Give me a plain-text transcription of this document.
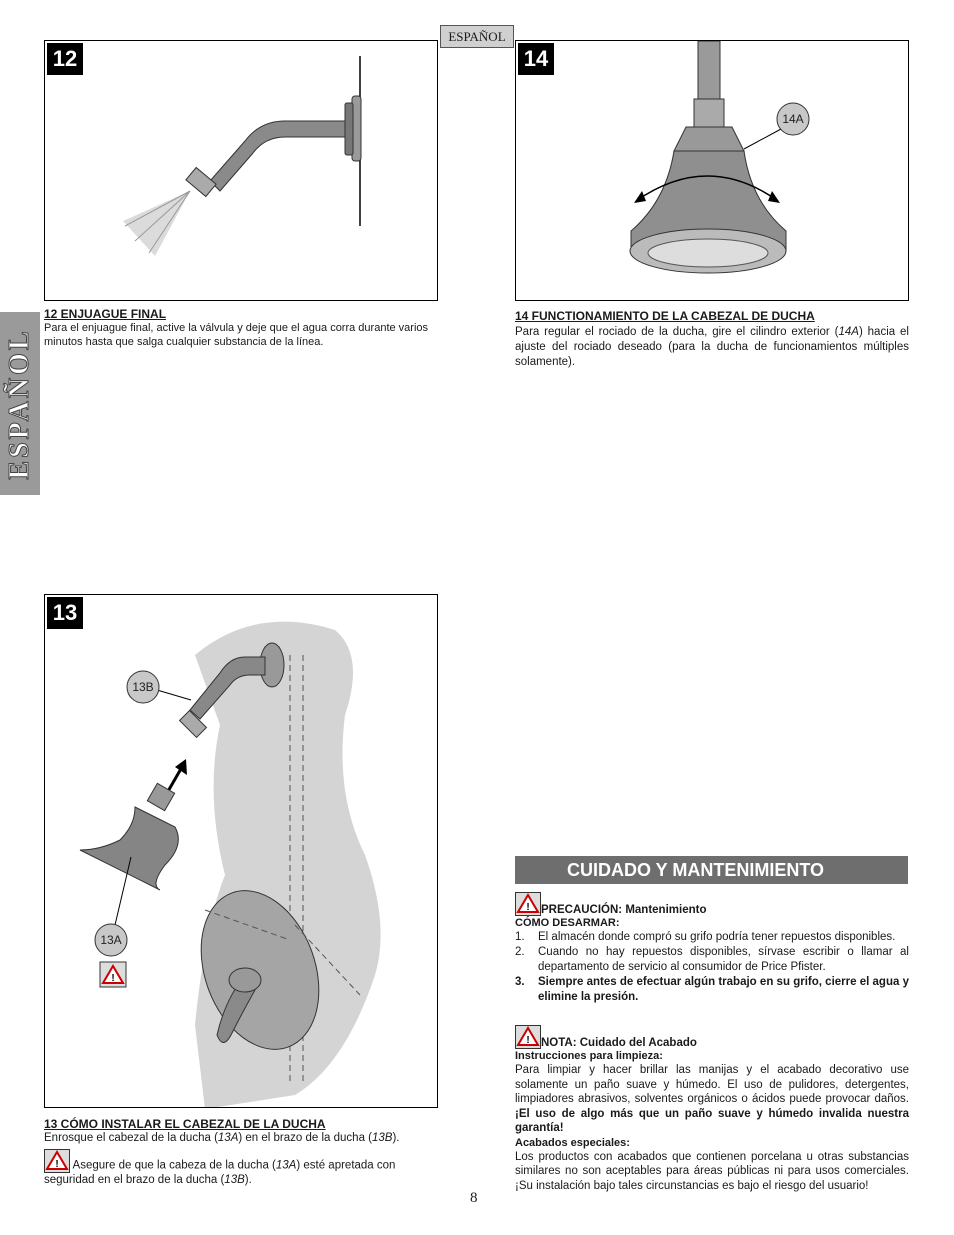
ESPAÑOL
ESPAÑOL
12
12 ENJUAGUE FINAL
Para el enjuague final, active la válvula y deje que el agua corra durante varios minutos hasta que salga cualquier substancia de la línea.
14
14A
14 FUNCTIONAMIENTO DE LA CABEZAL DE DUCHA
Para regular el rociado de la ducha, gire el cilindro exterior (14A) hacia el ajuste del rociado deseado (para la ducha de funcionamientos múltiples solamente).
13
13B
13A
!
13 CÓMO INSTALAR EL CABEZAL DE LA DUCHA
Enrosque el cabezal de la ducha (13A) en el brazo de la ducha (13B).
! Asegure de que la cabeza de la ducha (13A) esté apretada con seguridad en el brazo de la ducha (13B).
CUIDADO Y MANTENIMIENTO
! PRECAUCIÓN: Mantenimiento
CÓMO DESARMAR:
1. El almacén donde compró su grifo podría tener repuestos disponibles.
2. Cuando no hay repuestos disponibles, sírvase escribir o llamar al departamento de servicio al consumidor de Price Pfister.
3. Siempre antes de efectuar algún trabajo en su grifo, cierre el agua y elimine la presión.
! NOTA: Cuidado del Acabado
Instrucciones para limpieza:
Para limpiar y hacer brillar las manijas y el acabado decorativo use solamente un paño suave y húmedo. El uso de pulidores, detergentes, limpiadores abrasivos, solventes orgánicos o ácidos puede provocar daños. ¡El uso de algo más que un paño suave y húmedo invalida nuestra garantía!
Acabados especiales:
Los productos con acabados que contienen porcelana u otras substancias similares no son aceptables para áreas públicas ni para usos comerciales. ¡Su instalación bajo tales circunstancias es bajo el riesgo del usuario!
8
